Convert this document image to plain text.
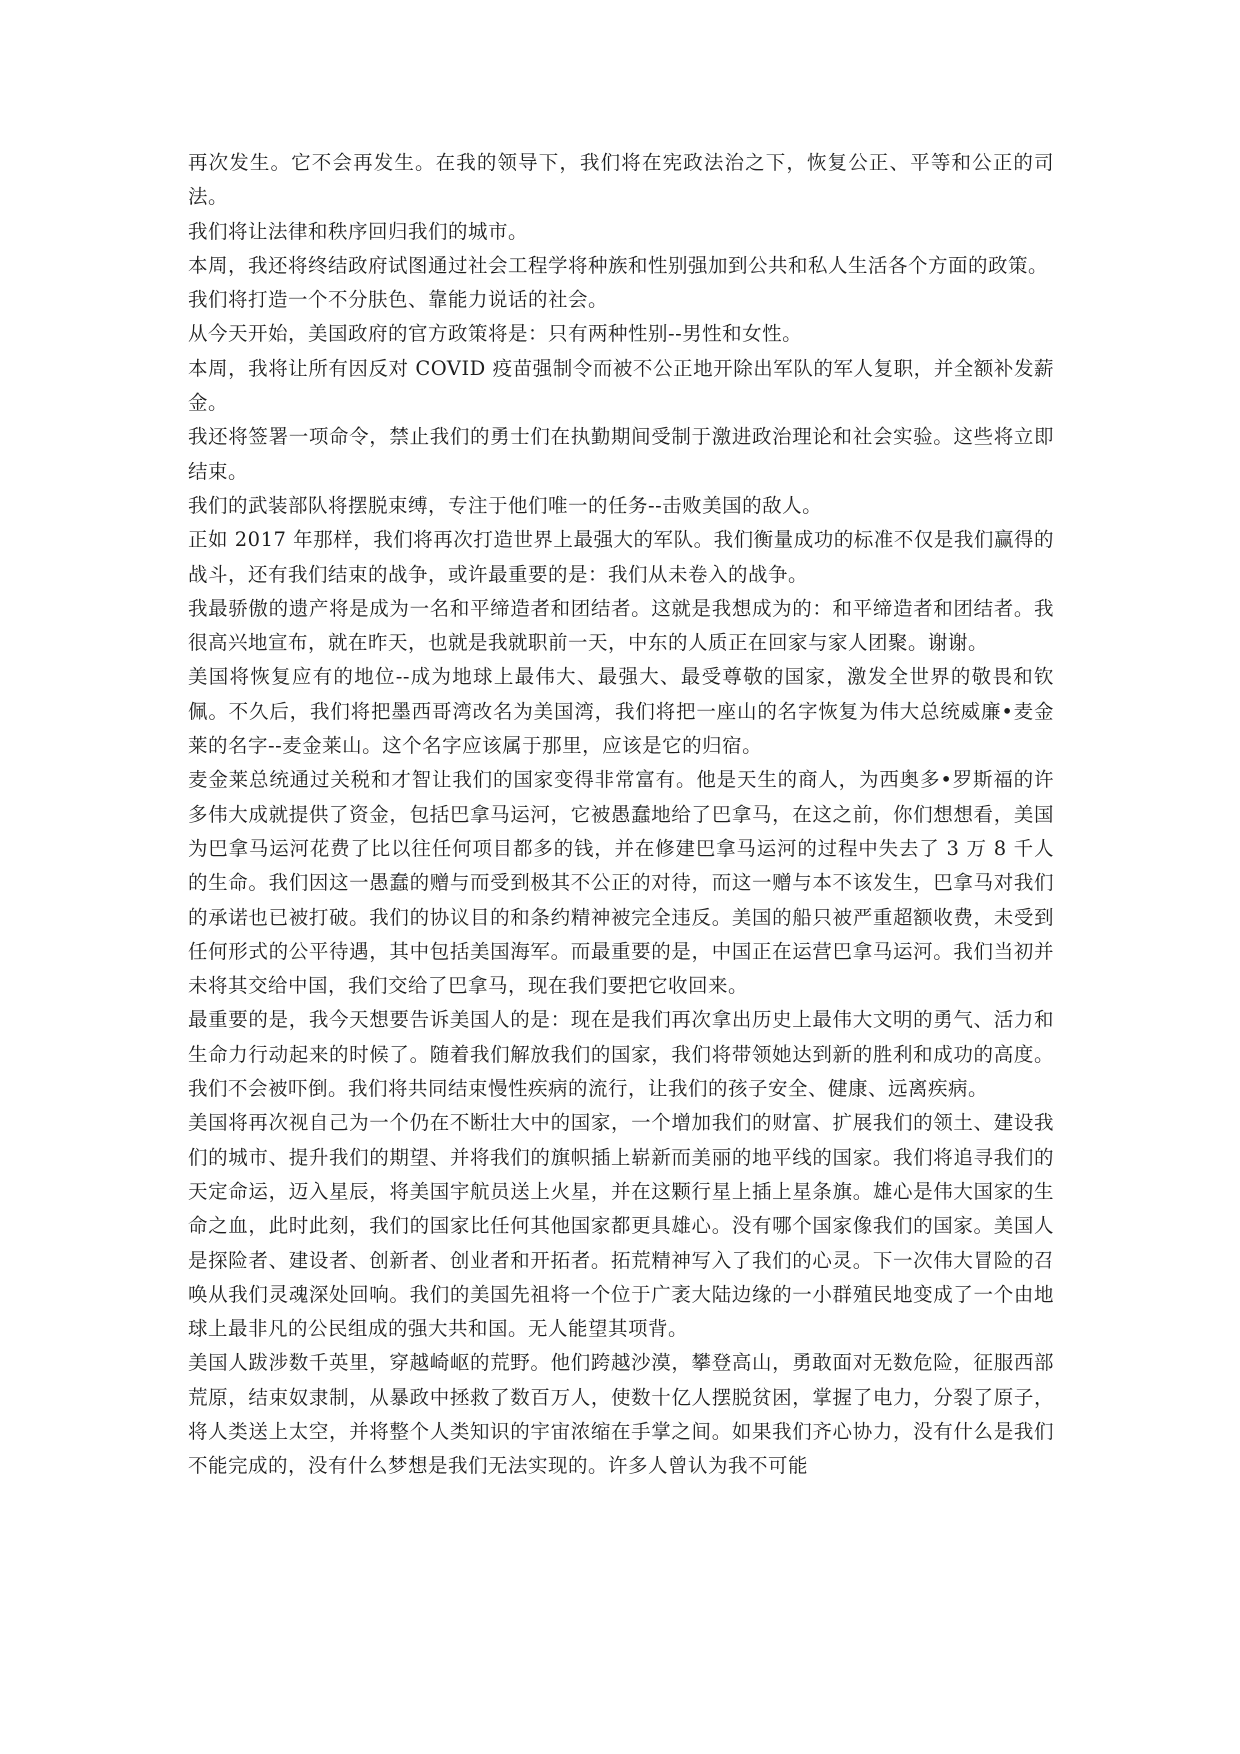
再次发生。它不会再发生。在我的领导下，我们将在宪政法治之下，恢复公正、平等和公正的司法。

我们将让法律和秩序回归我们的城市。

本周，我还将终结政府试图通过社会工程学将种族和性别强加到公共和私人生活各个方面的政策。

我们将打造一个不分肤色、靠能力说话的社会。

从今天开始，美国政府的官方政策将是：只有两种性别--男性和女性。

本周，我将让所有因反对 COVID 疫苗强制令而被不公正地开除出军队的军人复职，并全额补发薪金。

我还将签署一项命令，禁止我们的勇士们在执勤期间受制于激进政治理论和社会实验。这些将立即结束。

我们的武装部队将摆脱束缚，专注于他们唯一的任务--击败美国的敌人。

正如 2017 年那样，我们将再次打造世界上最强大的军队。我们衡量成功的标准不仅是我们赢得的战斗，还有我们结束的战争，或许最重要的是：我们从未卷入的战争。

我最骄傲的遗产将是成为一名和平缔造者和团结者。这就是我想成为的：和平缔造者和团结者。我很高兴地宣布，就在昨天，也就是我就职前一天，中东的人质正在回家与家人团聚。谢谢。

美国将恢复应有的地位--成为地球上最伟大、最强大、最受尊敬的国家，激发全世界的敬畏和钦佩。不久后，我们将把墨西哥湾改名为美国湾，我们将把一座山的名字恢复为伟大总统威廉•麦金莱的名字--麦金莱山。这个名字应该属于那里，应该是它的归宿。

麦金莱总统通过关税和才智让我们的国家变得非常富有。他是天生的商人，为西奥多•罗斯福的许多伟大成就提供了资金，包括巴拿马运河，它被愚蠢地给了巴拿马，在这之前，你们想想看，美国为巴拿马运河花费了比以往任何项目都多的钱，并在修建巴拿马运河的过程中失去了 3 万 8 千人的生命。我们因这一愚蠢的赠与而受到极其不公正的对待，而这一赠与本不该发生，巴拿马对我们的承诺也已被打破。我们的协议目的和条约精神被完全违反。美国的船只被严重超额收费，未受到任何形式的公平待遇，其中包括美国海军。而最重要的是，中国正在运营巴拿马运河。我们当初并未将其交给中国，我们交给了巴拿马，现在我们要把它收回来。

最重要的是，我今天想要告诉美国人的是：现在是我们再次拿出历史上最伟大文明的勇气、活力和生命力行动起来的时候了。随着我们解放我们的国家，我们将带领她达到新的胜利和成功的高度。我们不会被吓倒。我们将共同结束慢性疾病的流行，让我们的孩子安全、健康、远离疾病。

美国将再次视自己为一个仍在不断壮大中的国家，一个增加我们的财富、扩展我们的领土、建设我们的城市、提升我们的期望、并将我们的旗帜插上崭新而美丽的地平线的国家。我们将追寻我们的天定命运，迈入星辰，将美国宇航员送上火星，并在这颗行星上插上星条旗。雄心是伟大国家的生命之血，此时此刻，我们的国家比任何其他国家都更具雄心。没有哪个国家像我们的国家。美国人是探险者、建设者、创新者、创业者和开拓者。拓荒精神写入了我们的心灵。下一次伟大冒险的召唤从我们灵魂深处回响。我们的美国先祖将一个位于广袤大陆边缘的一小群殖民地变成了一个由地球上最非凡的公民组成的强大共和国。无人能望其项背。

美国人跋涉数千英里，穿越崎岖的荒野。他们跨越沙漠，攀登高山，勇敢面对无数危险，征服西部荒原，结束奴隶制，从暴政中拯救了数百万人，使数十亿人摆脱贫困，掌握了电力，分裂了原子，将人类送上太空，并将整个人类知识的宇宙浓缩在手掌之间。如果我们齐心协力，没有什么是我们不能完成的，没有什么梦想是我们无法实现的。许多人曾认为我不可能
